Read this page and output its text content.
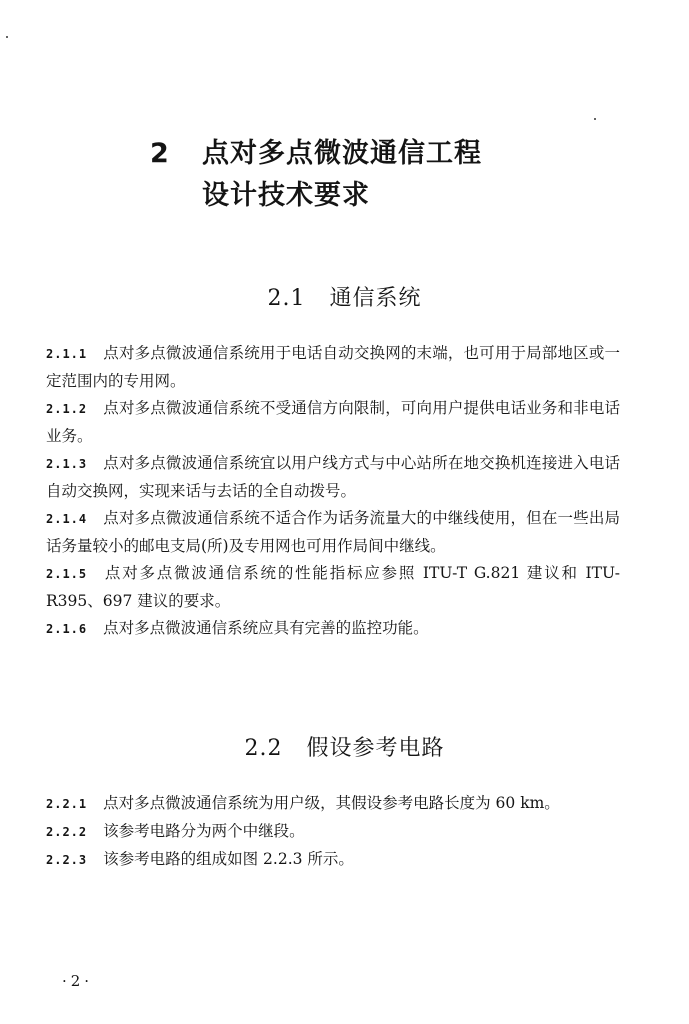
2 点对多点微波通信工程
设计技术要求
2.1 通信系统

2.1.1 点对多点微波通信系统用于电话自动交换网的末端，也可用于局部地区或一定范围内的专用网。

2.1.2 点对多点微波通信系统不受通信方向限制，可向用户提供电话业务和非电话业务。

2.1.3 点对多点微波通信系统宜以用户线方式与中心站所在地交换机连接进入电话自动交换网，实现来话与去话的全自动拨号。

2.1.4 点对多点微波通信系统不适合作为话务流量大的中继线使用，但在一些出局话务量较小的邮电支局(所)及专用网也可用作局间中继线。

2.1.5 点对多点微波通信系统的性能指标应参照 ITU-T G.821 建议和 ITU-R395、697 建议的要求。

2.1.6 点对多点微波通信系统应具有完善的监控功能。

2.2 假设参考电路

2.2.1 点对多点微波通信系统为用户级，其假设参考电路长度为 60 km。

2.2.2 该参考电路分为两个中继段。

2.2.3 该参考电路的组成如图 2.2.3 所示。

·2·
